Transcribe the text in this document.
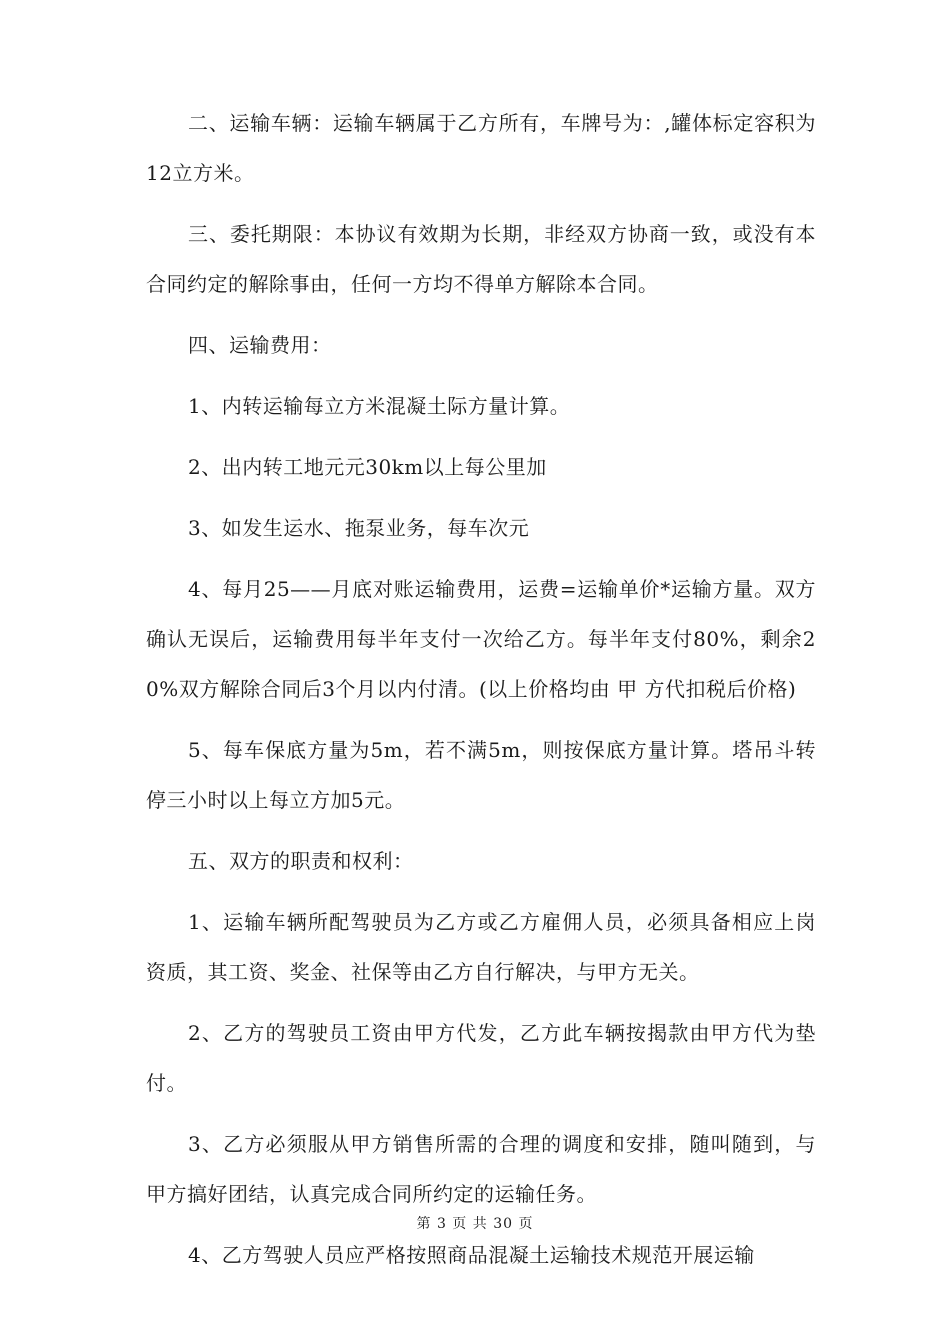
二、运输车辆：运输车辆属于乙方所有，车牌号为：,罐体标定容积为12立方米。

三、委托期限：本协议有效期为长期，非经双方协商一致，或没有本合同约定的解除事由，任何一方均不得单方解除本合同。

四、运输费用：

1、内转运输每立方米混凝土际方量计算。

2、出内转工地元元30km以上每公里加

3、如发生运水、拖泵业务，每车次元

4、每月25——月底对账运输费用，运费=运输单价*运输方量。双方确认无误后，运输费用每半年支付一次给乙方。每半年支付80%，剩余20%双方解除合同后3个月以内付清。(以上价格均由 甲 方代扣税后价格)

5、每车保底方量为5m，若不满5m，则按保底方量计算。塔吊斗转停三小时以上每立方加5元。

五、双方的职责和权利：

1、运输车辆所配驾驶员为乙方或乙方雇佣人员，必须具备相应上岗资质，其工资、奖金、社保等由乙方自行解决，与甲方无关。

2、乙方的驾驶员工资由甲方代发，乙方此车辆按揭款由甲方代为垫付。

3、乙方必须服从甲方销售所需的合理的调度和安排，随叫随到，与甲方搞好团结，认真完成合同所约定的运输任务。

4、乙方驾驶人员应严格按照商品混凝土运输技术规范开展运输

第 3 页 共 30 页
